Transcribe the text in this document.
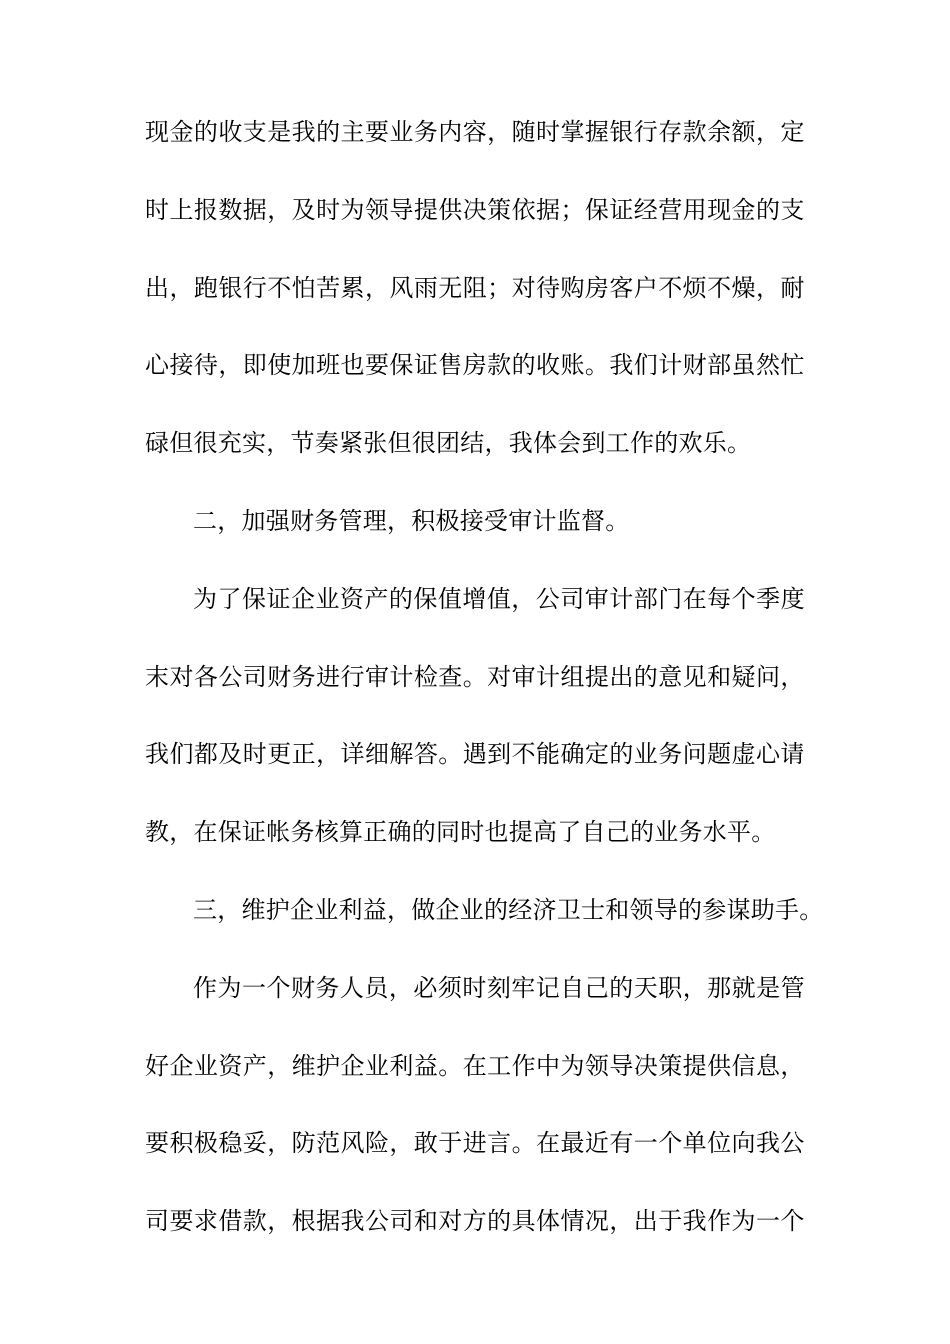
现 金 的 收 支 是 我 的 主 要 业 务 内 容 ， 随 时 掌 握 银 行 存 款 余 额 ， 定
时 上 报 数 据 ， 及 时 为 领 导 提 供 决 策 依 据 ； 保 证 经 营 用 现 金 的 支
出 ， 跑 银 行 不 怕 苦 累 ， 风 雨 无 阻 ； 对 待 购 房 客 户 不 烦 不 燥 ， 耐
心 接 待 ， 即 使 加 班 也 要 保 证 售 房 款 的 收 账 。 我 们 计 财 部 虽 然 忙
碌但很充实，节奏紧张但很团结，我体会到工作的欢乐。
二，加强财务管理，积极接受审计监督。
为 了 保 证 企 业 资 产 的 保 值 增 值 ， 公 司 审 计 部 门 在 每 个 季 度
末 对 各 公 司 财 务 进 行 审 计 检 查 。 对 审 计 组 提 出 的 意 见 和 疑 问 ，
我 们 都 及 时 更 正 ， 详 细 解 答 。 遇 到 不 能 确 定 的 业 务 问 题 虚 心 请
教，在保证帐务核算正确的同时也提高了自己的业务水平。
三，维护企业利益，做企业的经济卫士和领导的参谋助手。
作 为 一 个 财 务 人 员 ， 必 须 时 刻 牢 记 自 己 的 天 职 ， 那 就 是 管
好 企 业 资 产 ， 维 护 企 业 利 益 。 在 工 作 中 为 领 导 决 策 提 供 信 息 ，
要 积 极 稳 妥 ， 防 范 风 险 ， 敢 于 进 言 。 在 最 近 有 一 个 单 位 向 我 公
司 要 求 借 款 ， 根 据 我 公 司 和 对 方 的 具 体 情 况 ， 出 于 我 作 为 一 个
